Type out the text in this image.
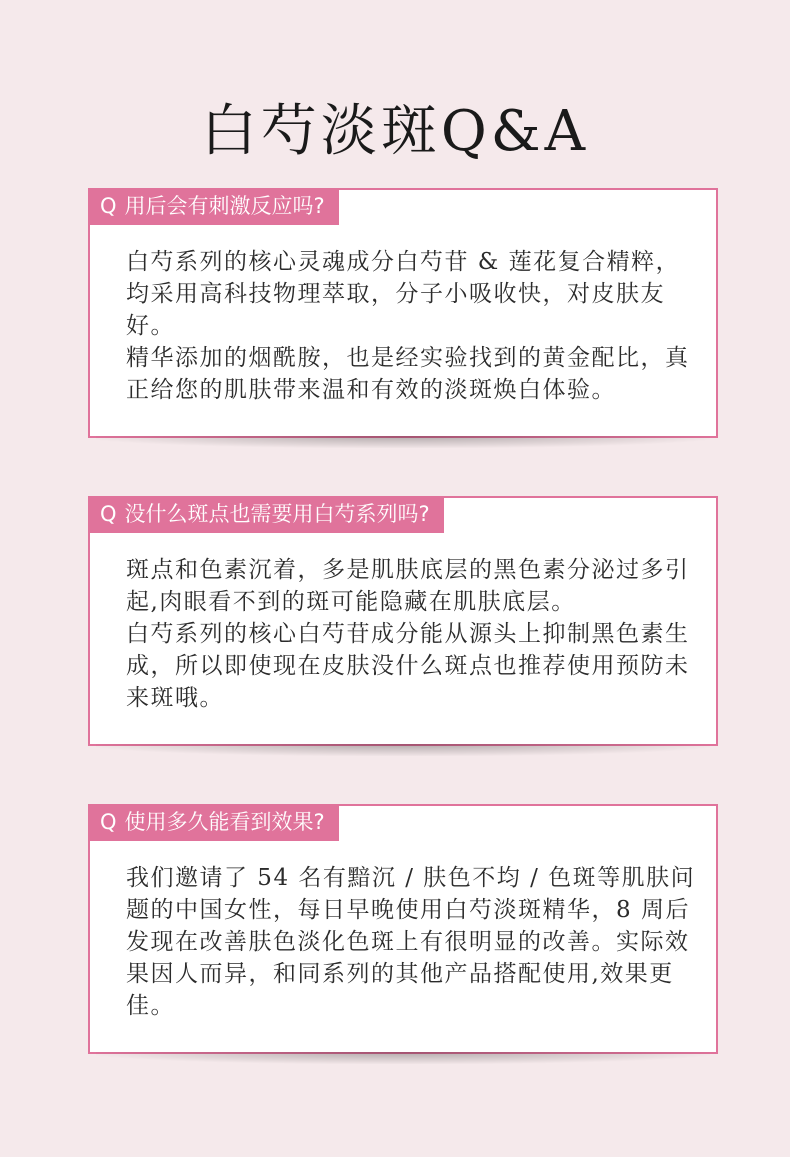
白芍淡斑Q&A
Q 用后会有刺激反应吗?

白芍系列的核心灵魂成分白芍苷 & 莲花复合精粹，均采用高科技物理萃取，分子小吸收快，对皮肤友好。

精华添加的烟酰胺，也是经实验找到的黄金配比，真正给您的肌肤带来温和有效的淡斑焕白体验。

Q 没什么斑点也需要用白芍系列吗?

斑点和色素沉着，多是肌肤底层的黑色素分泌过多引起,肉眼看不到的斑可能隐藏在肌肤底层。

白芍系列的核心白芍苷成分能从源头上抑制黑色素生成，所以即使现在皮肤没什么斑点也推荐使用预防未来斑哦。

Q 使用多久能看到效果?

我们邀请了 54 名有黯沉 / 肤色不均 / 色斑等肌肤问题的中国女性，每日早晚使用白芍淡斑精华，8 周后发现在改善肤色淡化色斑上有很明显的改善。实际效果因人而异，和同系列的其他产品搭配使用,效果更佳。
